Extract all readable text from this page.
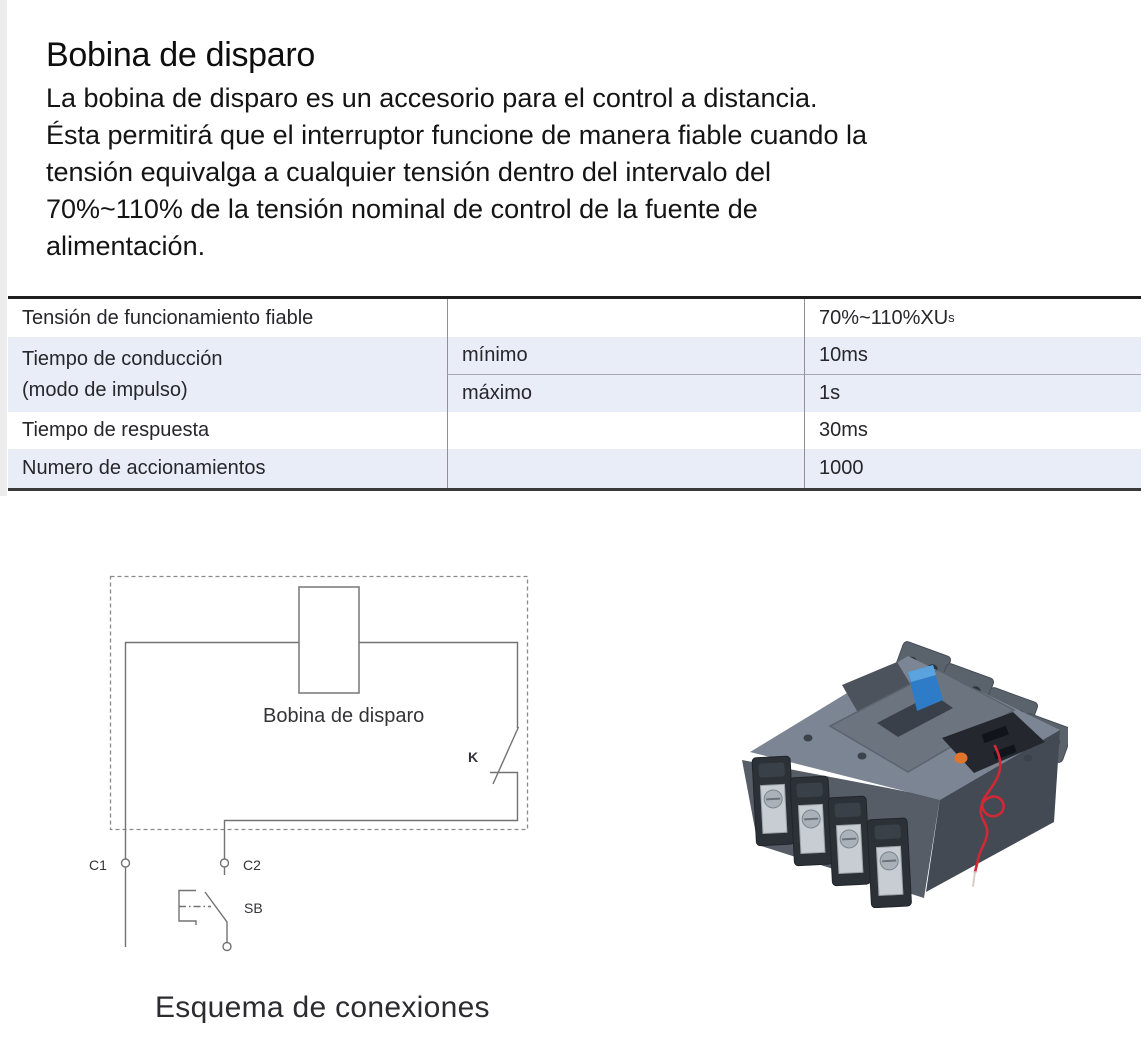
Bobina de disparo
La bobina de disparo es un accesorio para el control a distancia.
Ésta permitirá que el interruptor funcione de manera fiable cuando la
tensión equivalga a cualquier tensión dentro del intervalo del
70%~110% de la tensión nominal de control de la fuente de
alimentación.
Tensión de funcionamiento fiable	70%~110%XU s
Tiempo de conducción
(modo de impulso)
mínimo	10ms
máximo	1s
Tiempo de respuesta	30ms
Numero de accionamientos	1000
Bobina de disparo
K
C1	C2
SB
Esquema de conexiones
